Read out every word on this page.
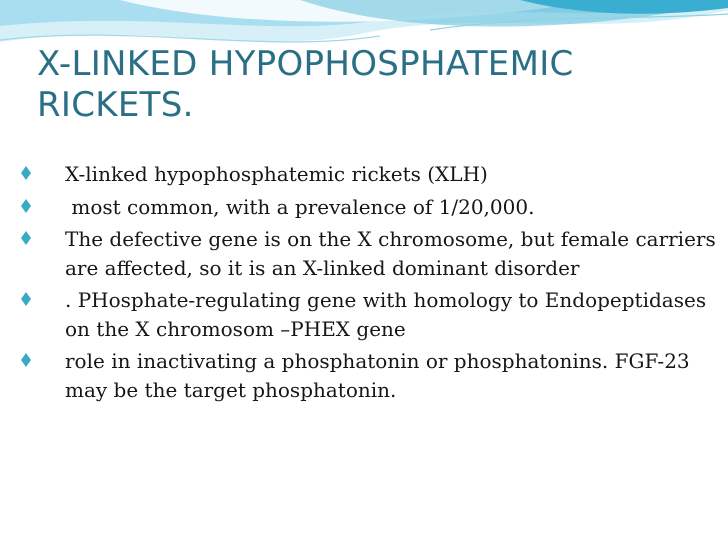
X-LINKED HYPOPHOSPHATEMIC RICKETS.
X-linked hypophosphatemic rickets (XLH)
most common, with a prevalence of 1/20,000.
The defective gene is on the X chromosome, but female carriers are affected, so it is an X-linked dominant disorder
. PHosphate-regulating gene with homology to Endopeptidases on the X chromosom –PHEX gene
role in inactivating a phosphatonin or phosphatonins. FGF-23 may be the target phosphatonin.
